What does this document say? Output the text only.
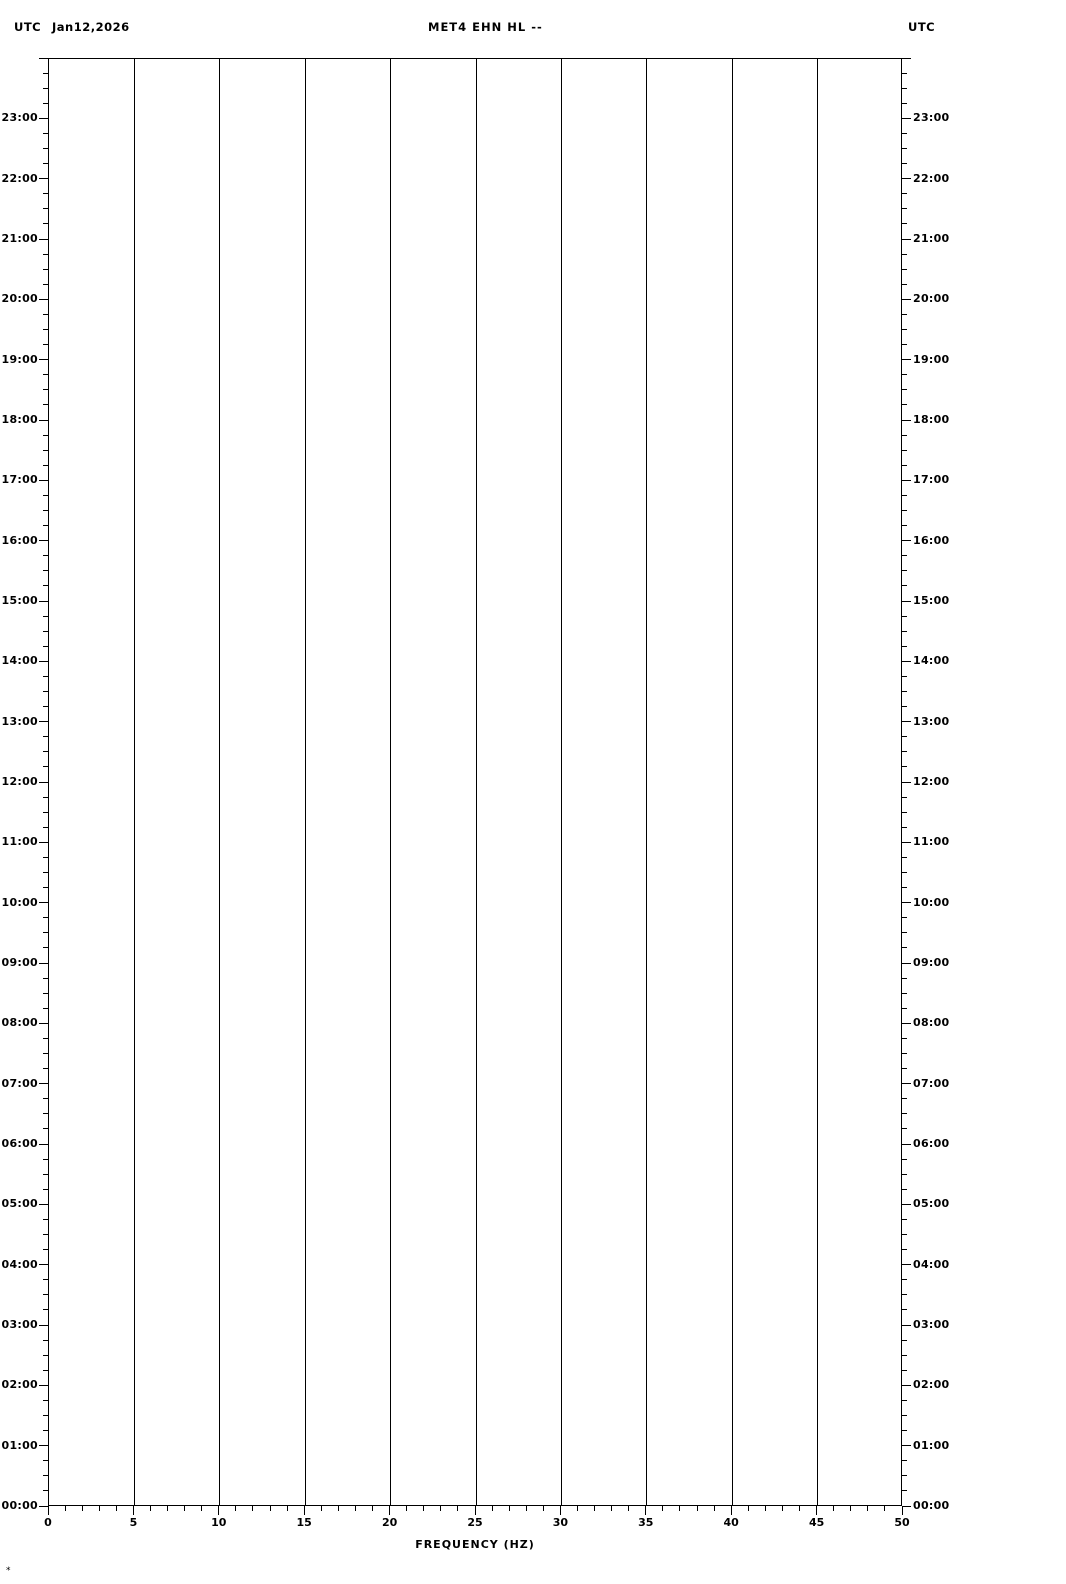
UTC Jan12,2026	MET4 EHN HL --	UTC
0	5	10	15	20	25	30	35	40	45	50
00:00	00:00
01:00	01:00
02:00	02:00
03:00	03:00
04:00	04:00
05:00	05:00
06:00	06:00
07:00	07:00
08:00	08:00
09:00	09:00
10:00	10:00
11:00	11:00
12:00	12:00
13:00	13:00
14:00	14:00
15:00	15:00
16:00	16:00
17:00	17:00
18:00	18:00
19:00	19:00
20:00	20:00
21:00	21:00
22:00	22:00
23:00	23:00
FREQUENCY (HZ)
*
